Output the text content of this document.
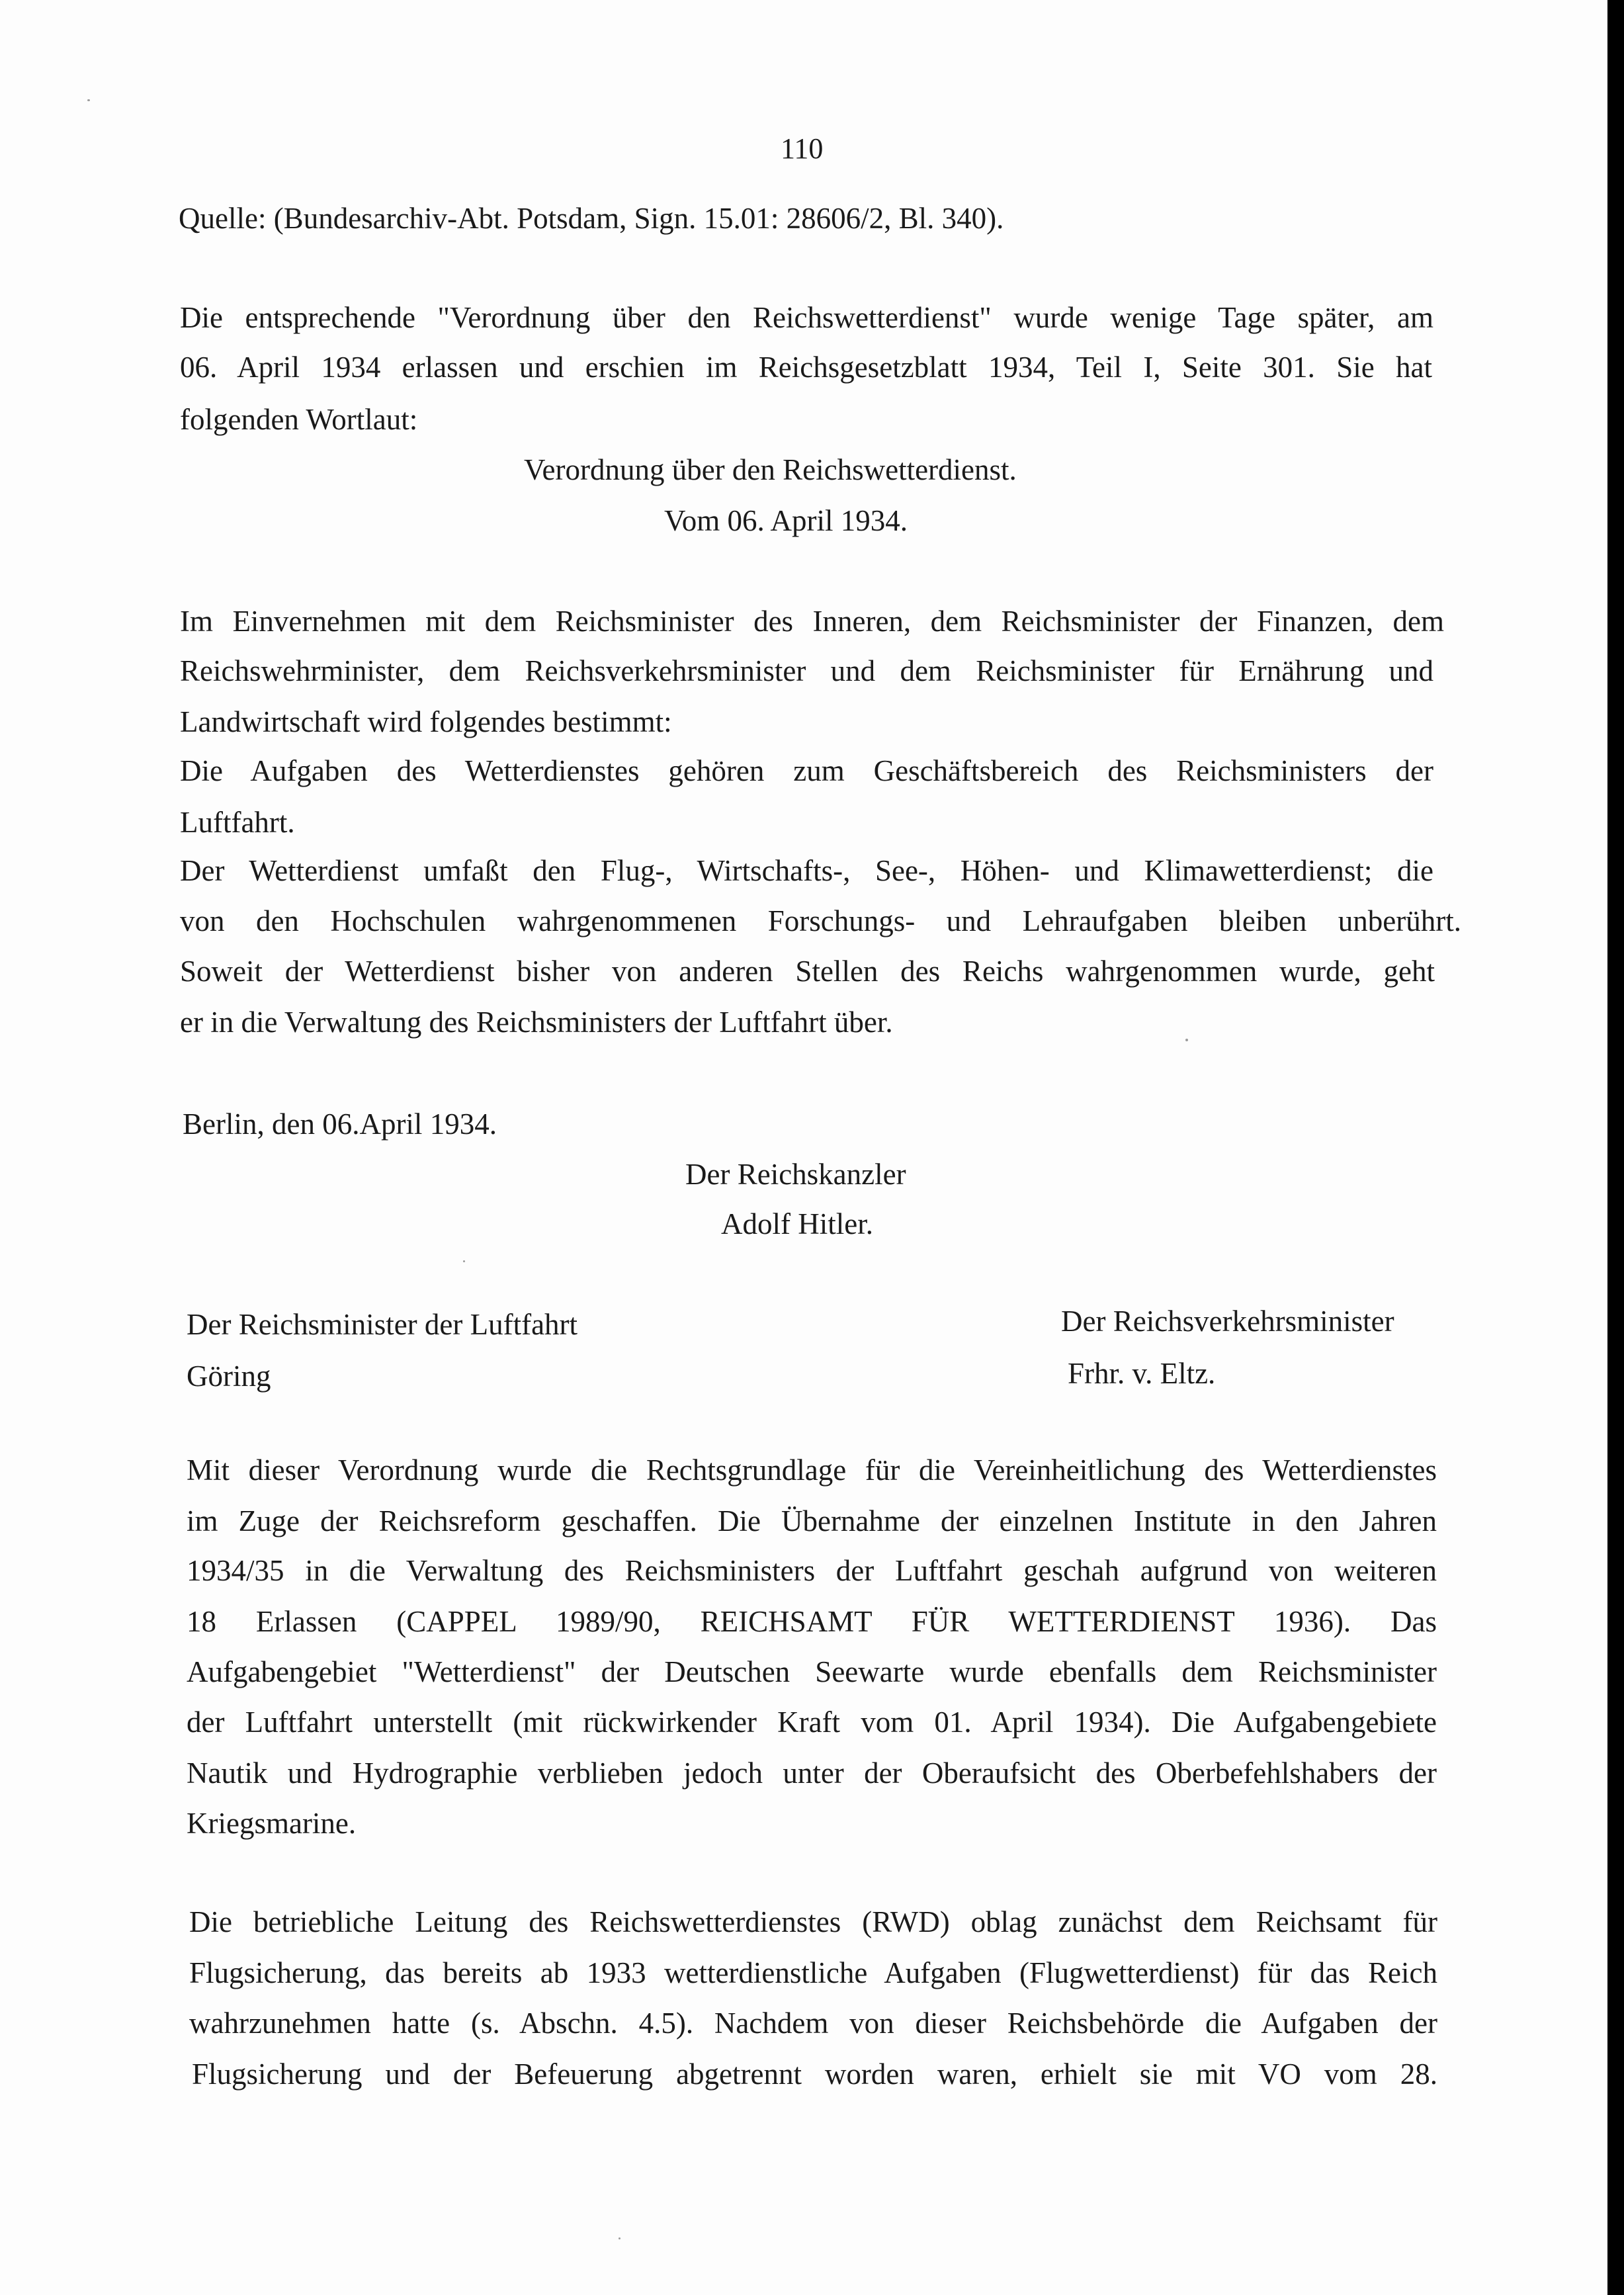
110
Quelle: (Bundesarchiv-Abt. Potsdam, Sign. 15.01: 28606/2, Bl. 340).
Die entsprechende "Verordnung über den Reichswetterdienst" wurde wenige Tage später, am
06. April 1934 erlassen und erschien im Reichsgesetzblatt 1934, Teil I, Seite 301. Sie hat
folgenden Wortlaut:
Verordnung über den Reichswetterdienst.
Vom 06. April 1934.
Im Einvernehmen mit dem Reichsminister des Inneren, dem Reichsminister der Finanzen, dem
Reichswehrminister, dem Reichsverkehrsminister und dem Reichsminister für Ernährung und
Landwirtschaft wird folgendes bestimmt:
Die Aufgaben des Wetterdienstes gehören zum Geschäftsbereich des Reichsministers der
Luftfahrt.
Der Wetterdienst umfaßt den Flug-, Wirtschafts-, See-, Höhen- und Klimawetterdienst; die
von den Hochschulen wahrgenommenen Forschungs- und Lehraufgaben bleiben unberührt.
Soweit der Wetterdienst bisher von anderen Stellen des Reichs wahrgenommen wurde, geht
er in die Verwaltung des Reichsministers der Luftfahrt über.
Berlin, den 06.April 1934.
Der Reichskanzler
Adolf Hitler.
Der Reichsminister der Luftfahrt
Göring
Der Reichsverkehrsminister
Frhr. v. Eltz.
Mit dieser Verordnung wurde die Rechtsgrundlage für die Vereinheitlichung des Wetterdienstes
im Zuge der Reichsreform geschaffen. Die Übernahme der einzelnen Institute in den Jahren
1934/35 in die Verwaltung des Reichsministers der Luftfahrt geschah aufgrund von weiteren
18 Erlassen (CAPPEL 1989/90, REICHSAMT FÜR WETTERDIENST 1936). Das
Aufgabengebiet "Wetterdienst" der Deutschen Seewarte wurde ebenfalls dem Reichsminister
der Luftfahrt unterstellt (mit rückwirkender Kraft vom 01. April 1934). Die Aufgabengebiete
Nautik und Hydrographie verblieben jedoch unter der Oberaufsicht des Oberbefehlshabers der
Kriegsmarine.
Die betriebliche Leitung des Reichswetterdienstes (RWD) oblag zunächst dem Reichsamt für
Flugsicherung, das bereits ab 1933 wetterdienstliche Aufgaben (Flugwetterdienst) für das Reich
wahrzunehmen hatte (s. Abschn. 4.5). Nachdem von dieser Reichsbehörde die Aufgaben der
Flugsicherung und der Befeuerung abgetrennt worden waren, erhielt sie mit VO vom 28.
